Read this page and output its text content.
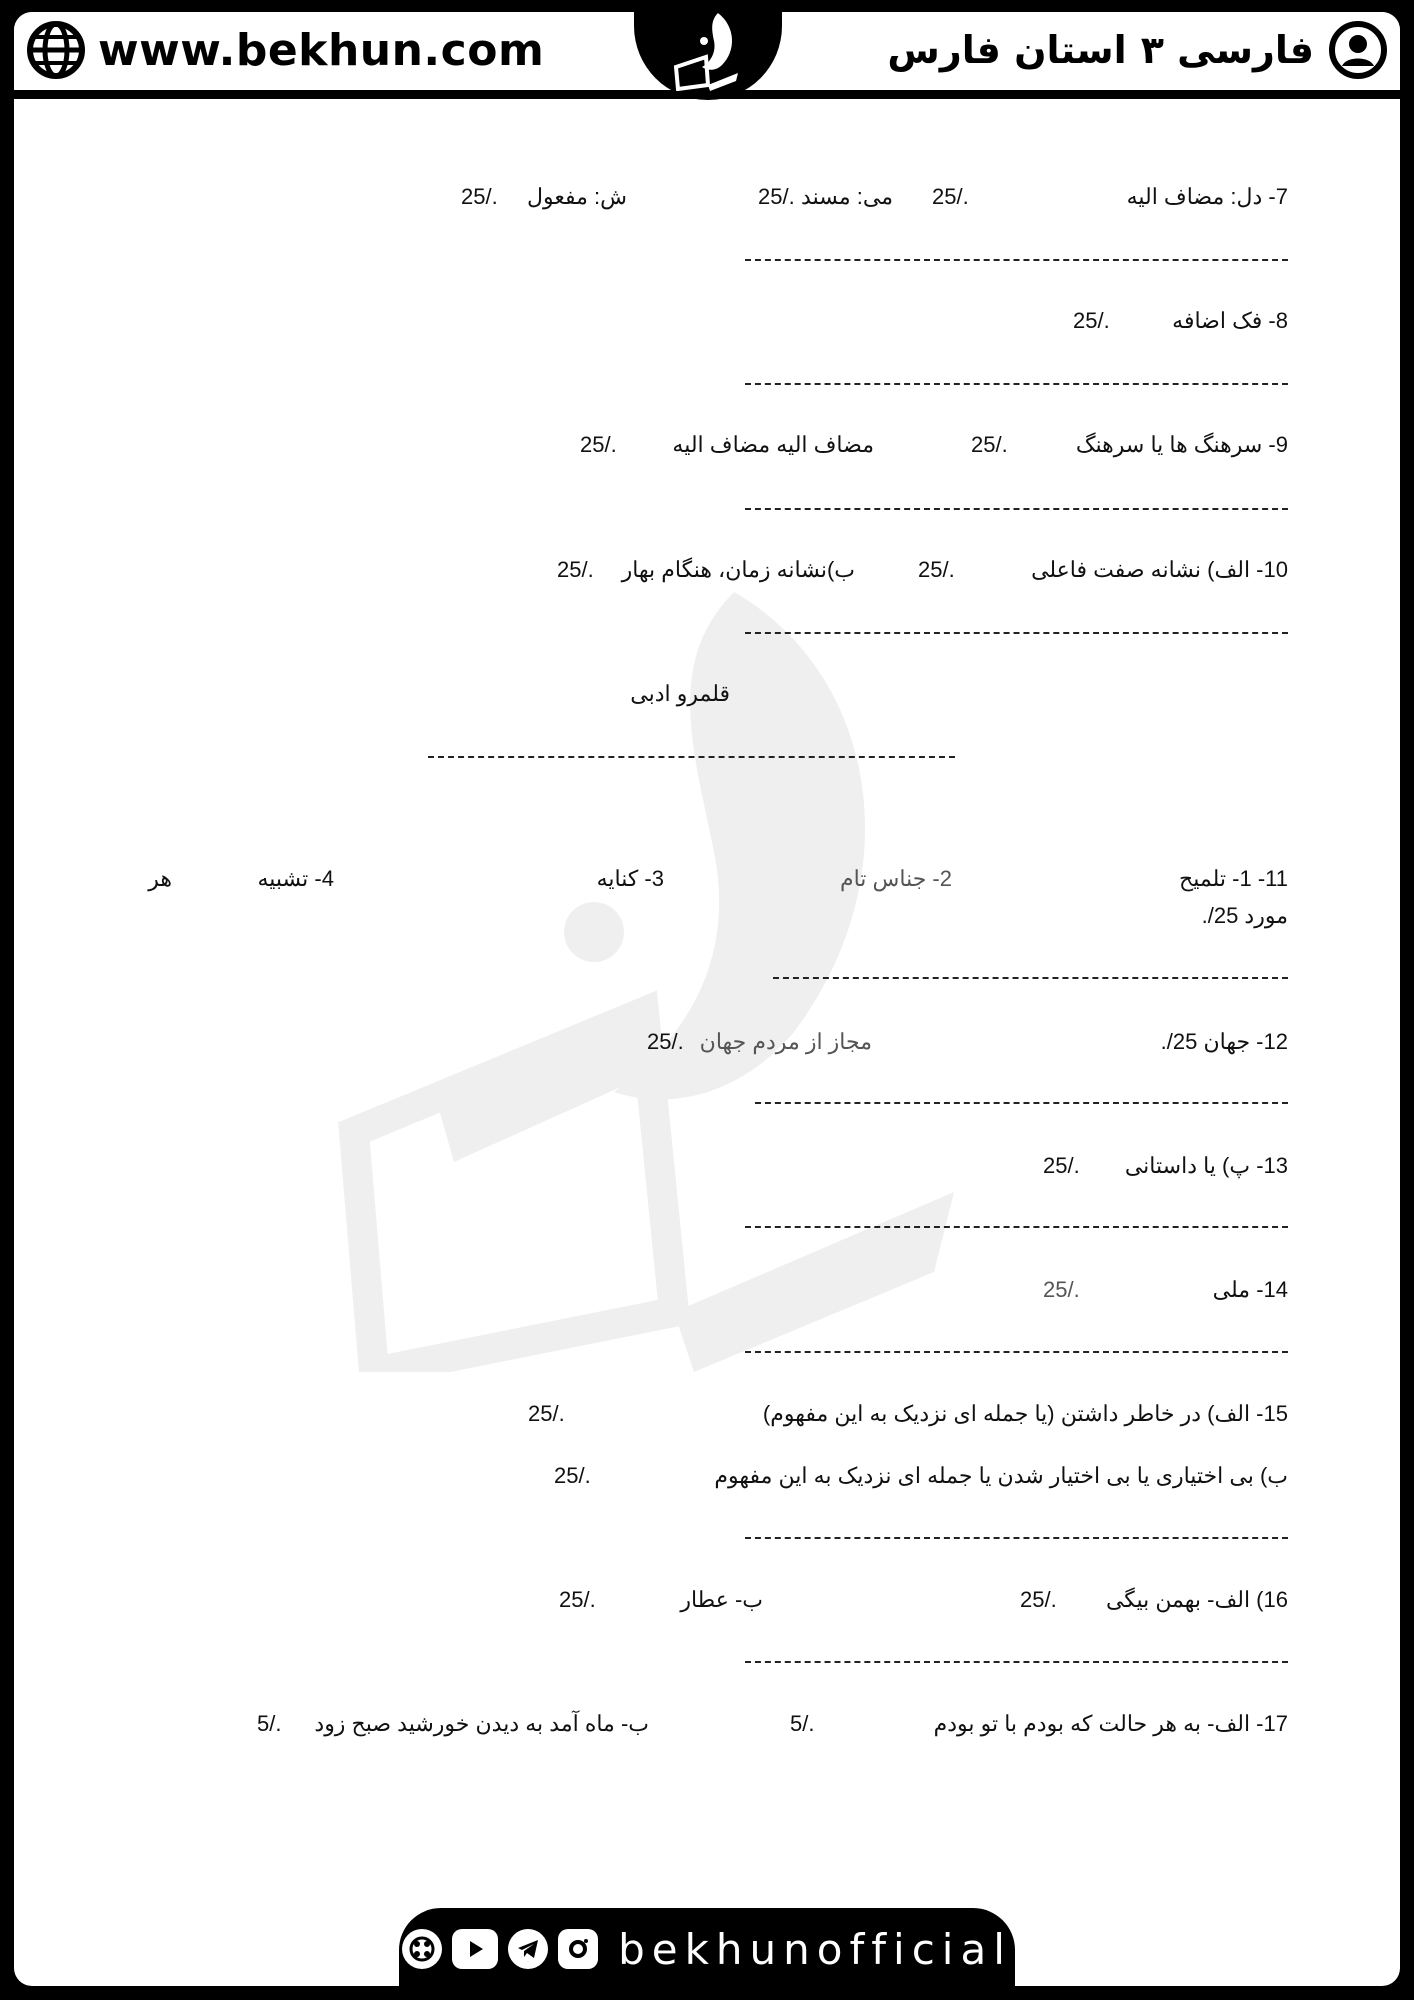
www.bekhun.com	فارسی ۳
استان فارس
7- دل: مضاف الیه
25/.
می: مسند
25/.
ش: مفعول
25/.
8- فک اضافه
25/.
9- سرهنگ ها یا سرهنگ
25/.
مضاف الیه مضاف الیه
25/.
10- الف) نشانه صفت فاعلی
25/.
ب)نشانه زمان، هنگام بهار
25/.
قلمرو ادبی
11- 1- تلمیح
2- جناس تام
3- کنایه
4- تشبیه
هر
مورد 25/.
12- جهان 25/.
مجاز از مردم جهان
25/.
13- پ) یا داستانی
25/.
14- ملی
25/.
15- الف) در خاطر داشتن (یا جمله ای نزدیک به این مفهوم)
25/.
ب) بی اختیاری یا بی اختیار شدن یا جمله ای نزدیک به این مفهوم
25/.
16) الف- بهمن بیگی
25/.
ب- عطار
25/.
17- الف- به هر حالت که بودم با تو بودم
5/.
ب- ماه آمد به دیدن خورشید صبح زود
5/.
bekhunofficial
